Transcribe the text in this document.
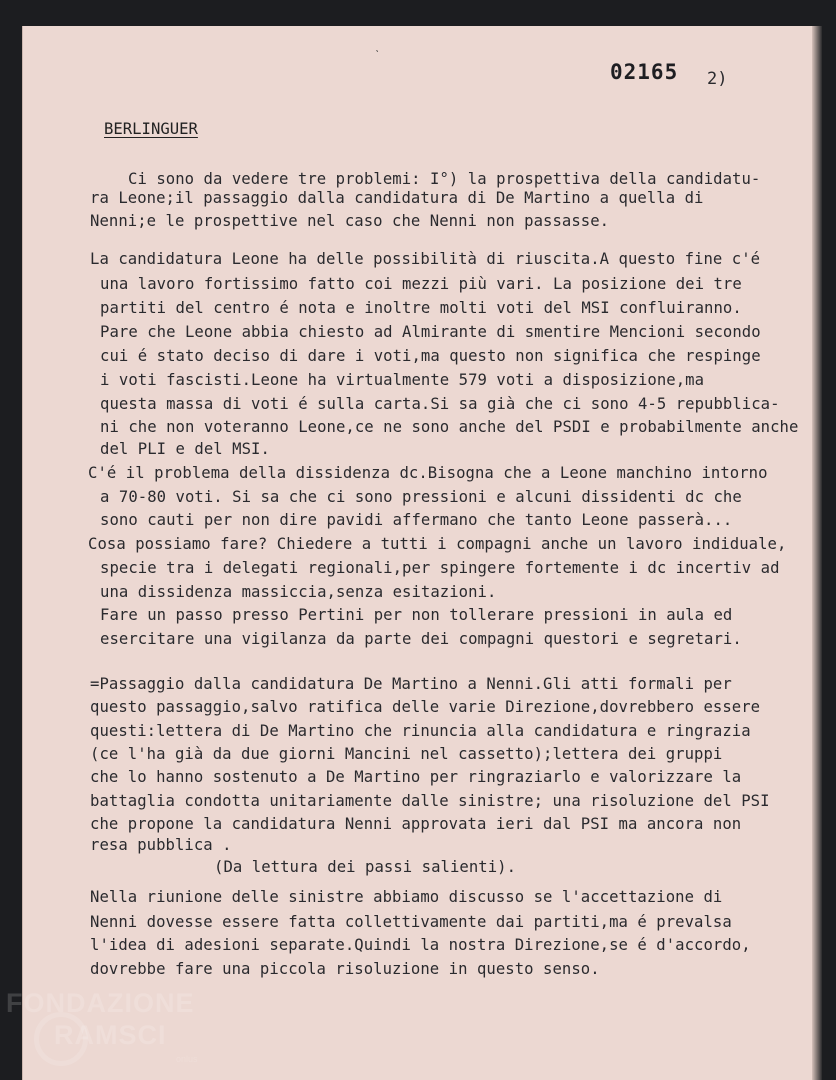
ˋ
02165 2)
BERLINGUER
Ci sono da vedere tre problemi: I°) la prospettiva della candidatu-
ra Leone;il passaggio dalla candidatura di De Martino a quella di
Nenni;e le prospettive nel caso che Nenni non passasse.
La candidatura Leone ha delle possibilità di riuscita.A questo fine c'é
una lavoro fortissimo fatto coi mezzi più vari. La posizione dei tre
partiti del centro é nota e inoltre molti voti del MSI confluiranno.
Pare che Leone abbia chiesto ad Almirante di smentire Mencioni secondo
cui é stato deciso di dare i voti,ma questo non significa che respinge
i voti fascisti.Leone ha virtualmente 579 voti a disposizione,ma
questa massa di voti é sulla carta.Si sa già che ci sono 4-5 repubblica-
ni che non voteranno Leone,ce ne sono anche del PSDI e probabilmente anche
del PLI e del MSI.
C'é il problema della dissidenza dc.Bisogna che a Leone manchino intorno
a 70-80 voti. Si sa che ci sono pressioni e alcuni dissidenti dc che
sono cauti per non dire pavidi affermano che tanto Leone passerà...
Cosa possiamo fare? Chiedere a tutti i compagni anche un lavoro indiduale,
specie tra i delegati regionali,per spingere fortemente i dc incertiv ad
una dissidenza massiccia,senza esitazioni.
Fare un passo presso Pertini per non tollerare pressioni in aula ed
esercitare una vigilanza da parte dei compagni questori e segretari.
=Passaggio dalla candidatura De Martino a Nenni.Gli atti formali per
questo passaggio,salvo ratifica delle varie Direzione,dovrebbero essere
questi:lettera di De Martino che rinuncia alla candidatura e ringrazia
(ce l'ha già da due giorni Mancini nel cassetto);lettera dei gruppi
che lo hanno sostenuto a De Martino per ringraziarlo e valorizzare la
battaglia condotta unitariamente dalle sinistre; una risoluzione del PSI
che propone la candidatura Nenni approvata ieri dal PSI ma ancora non
resa pubblica .
(Da lettura dei passi salienti).
Nella riunione delle sinistre abbiamo discusso se l'accettazione di
Nenni dovesse essere fatta collettivamente dai partiti,ma é prevalsa
l'idea di adesioni separate.Quindi la nostra Direzione,se é d'accordo,
dovrebbe fare una piccola risoluzione in questo senso.
FONDAZIONE
RAMSCI
onlus
